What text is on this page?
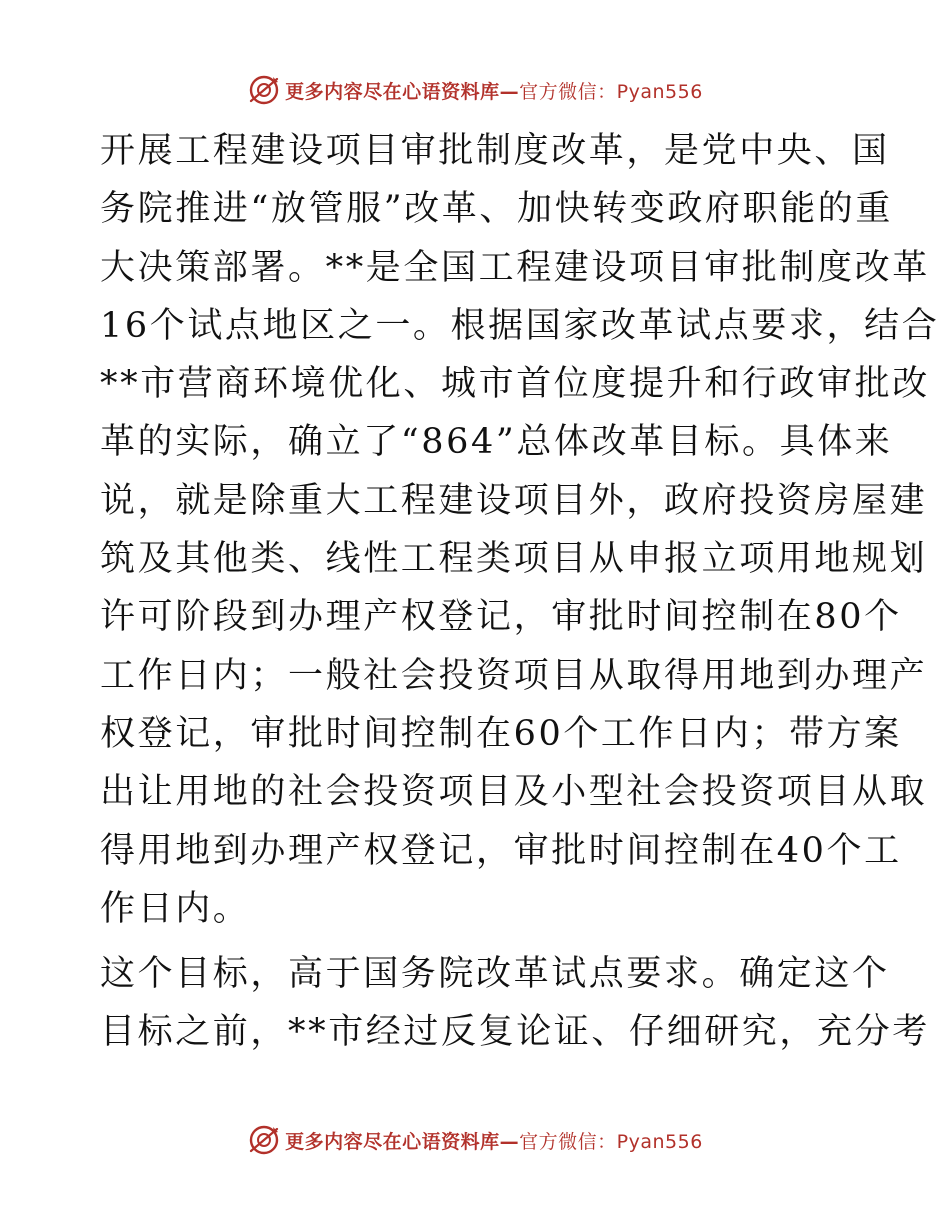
更多内容尽在心语资料库—官方微信：Pyan556

开展工程建设项目审批制度改革，是党中央、国
务院推进“放管服”改革、加快转变政府职能的重
大决策部署。**是全国工程建设项目审批制度改革
16个试点地区之一。根据国家改革试点要求，结合
**市营商环境优化、城市首位度提升和行政审批改
革的实际，确立了“864”总体改革目标。具体来
说，就是除重大工程建设项目外，政府投资房屋建
筑及其他类、线性工程类项目从申报立项用地规划
许可阶段到办理产权登记，审批时间控制在80个
工作日内；一般社会投资项目从取得用地到办理产
权登记，审批时间控制在60个工作日内；带方案
出让用地的社会投资项目及小型社会投资项目从取
得用地到办理产权登记，审批时间控制在40个工
作日内。

这个目标，高于国务院改革试点要求。确定这个
目标之前，**市经过反复论证、仔细研究，充分考

更多内容尽在心语资料库—官方微信：Pyan556
